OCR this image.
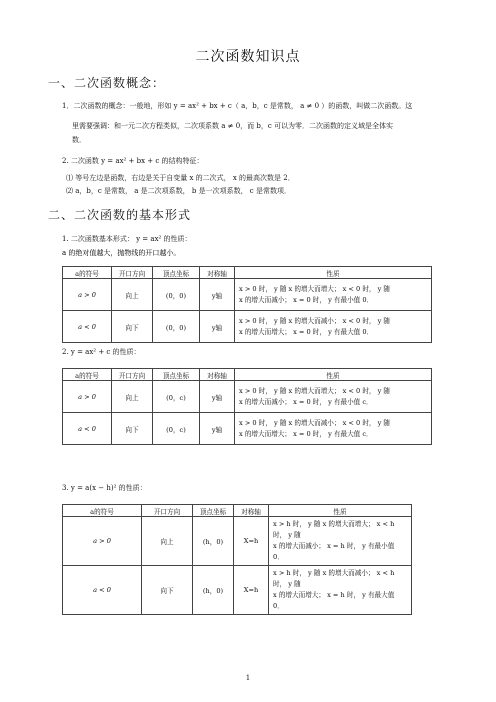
二次函数知识点
一、二次函数概念：
1．二次函数的概念：一般地，形如 y = ax² + bx + c（ a，b，c 是常数， a ≠ 0 ）的函数，叫做二次函数。这
里需要强调：和一元二次方程类似，二次项系数 a ≠ 0，而 b，c 可以为零．二次函数的定义域是全体实
数．
2. 二次函数 y = ax² + bx + c 的结构特征：
⑴ 等号左边是函数，右边是关于自变量 x 的二次式， x 的最高次数是 2．
⑵ a，b，c 是常数， a 是二次项系数， b 是一次项系数， c 是常数项．
二、二次函数的基本形式
1. 二次函数基本形式： y = ax² 的性质：
a 的绝对值越大，抛物线的开口越小。
a的符号	开口方向	顶点坐标	对称轴	性质
a > 0	向上	(0，0)	y轴	x > 0 时， y 随 x 的增大而增大； x < 0 时， y 随
x 的增大而减小； x = 0 时， y 有最小值 0．

a < 0	向下	(0，0)	y轴	x > 0 时， y 随 x 的增大而减小； x < 0 时， y 随
x 的增大而增大； x = 0 时， y 有最大值 0．
2. y = ax² + c 的性质：
a的符号	开口方向	顶点坐标	对称轴	性质
a > 0	向上	(0，c)	y轴	x > 0 时， y 随 x 的增大而增大； x < 0 时， y 随
x 的增大而减小； x = 0 时， y 有最小值 c．

a < 0	向下	(0，c)	y轴	x > 0 时， y 随 x 的增大而减小； x < 0 时， y 随
x 的增大而增大； x = 0 时， y 有最大值 c．
3. y = a(x − h)² 的性质：
a的符号	开口方向	顶点坐标	对称轴	性质
a > 0	向上	(h，0)	X=h	x > h 时， y 随 x 的增大而增大； x < h 时， y 随
x 的增大而减小； x = h 时， y 有最小值 0．

a < 0	向下	(h，0)	X=h	x > h 时， y 随 x 的增大而减小； x < h 时， y 随
x 的增大而增大； x = h 时， y 有最大值 0．
1
